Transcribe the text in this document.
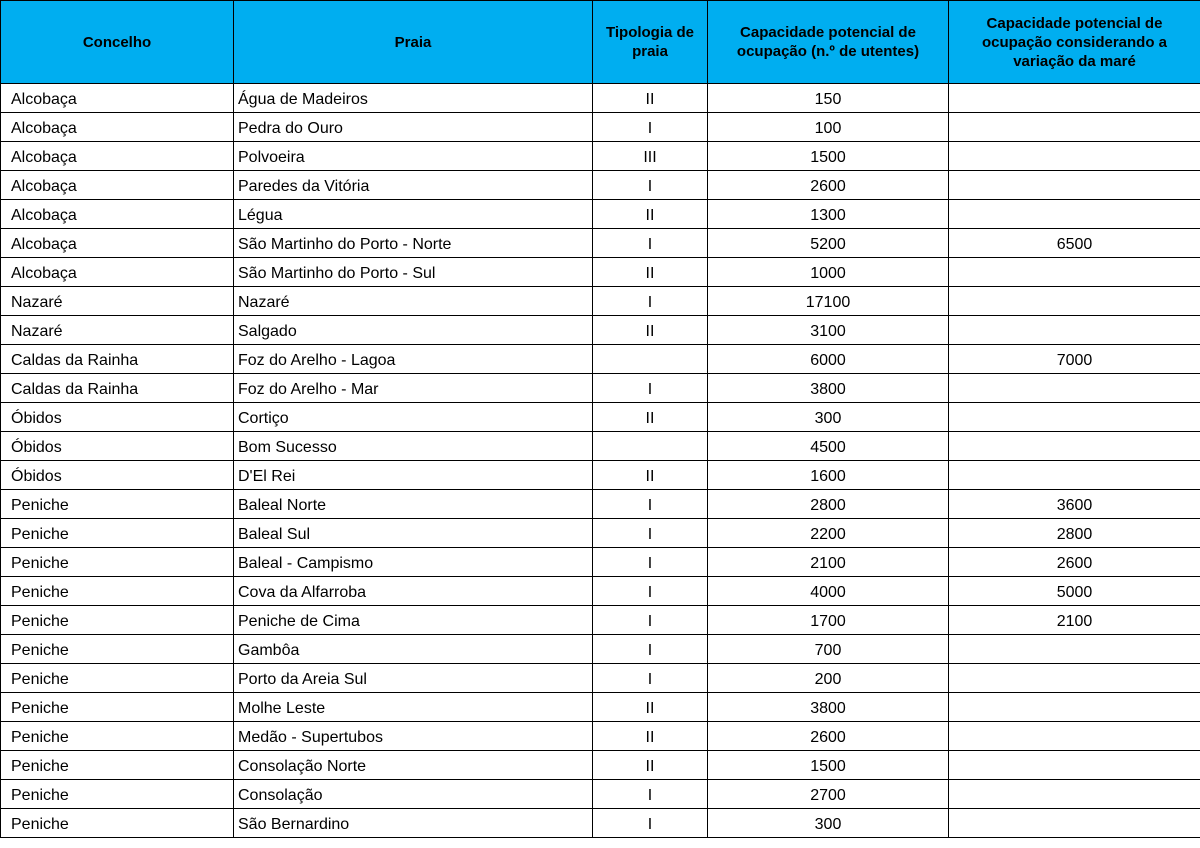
Concelho	Praia	Tipologia de praia	Capacidade potencial de ocupação (n.º de utentes)	Capacidade potencial de ocupação considerando a variação da maré
Alcobaça	Água de Madeiros	II	150	
Alcobaça	Pedra do Ouro	I	100	
Alcobaça	Polvoeira	III	1500	
Alcobaça	Paredes da Vitória	I	2600	
Alcobaça	Légua	II	1300	
Alcobaça	São Martinho do Porto - Norte	I	5200	6500
Alcobaça	São Martinho do Porto - Sul	II	1000	
Nazaré	Nazaré	I	17100	
Nazaré	Salgado	II	3100	
Caldas da Rainha	Foz do Arelho - Lagoa		6000	7000
Caldas da Rainha	Foz do Arelho - Mar	I	3800	
Óbidos	Cortiço	II	300	
Óbidos	Bom Sucesso		4500	
Óbidos	D'El Rei	II	1600	
Peniche	Baleal Norte	I	2800	3600
Peniche	Baleal Sul	I	2200	2800
Peniche	Baleal - Campismo	I	2100	2600
Peniche	Cova da Alfarroba	I	4000	5000
Peniche	Peniche de Cima	I	1700	2100
Peniche	Gambôa	I	700	
Peniche	Porto da Areia Sul	I	200	
Peniche	Molhe Leste	II	3800	
Peniche	Medão - Supertubos	II	2600	
Peniche	Consolação Norte	II	1500	
Peniche	Consolação	I	2700	
Peniche	São Bernardino	I	300	
